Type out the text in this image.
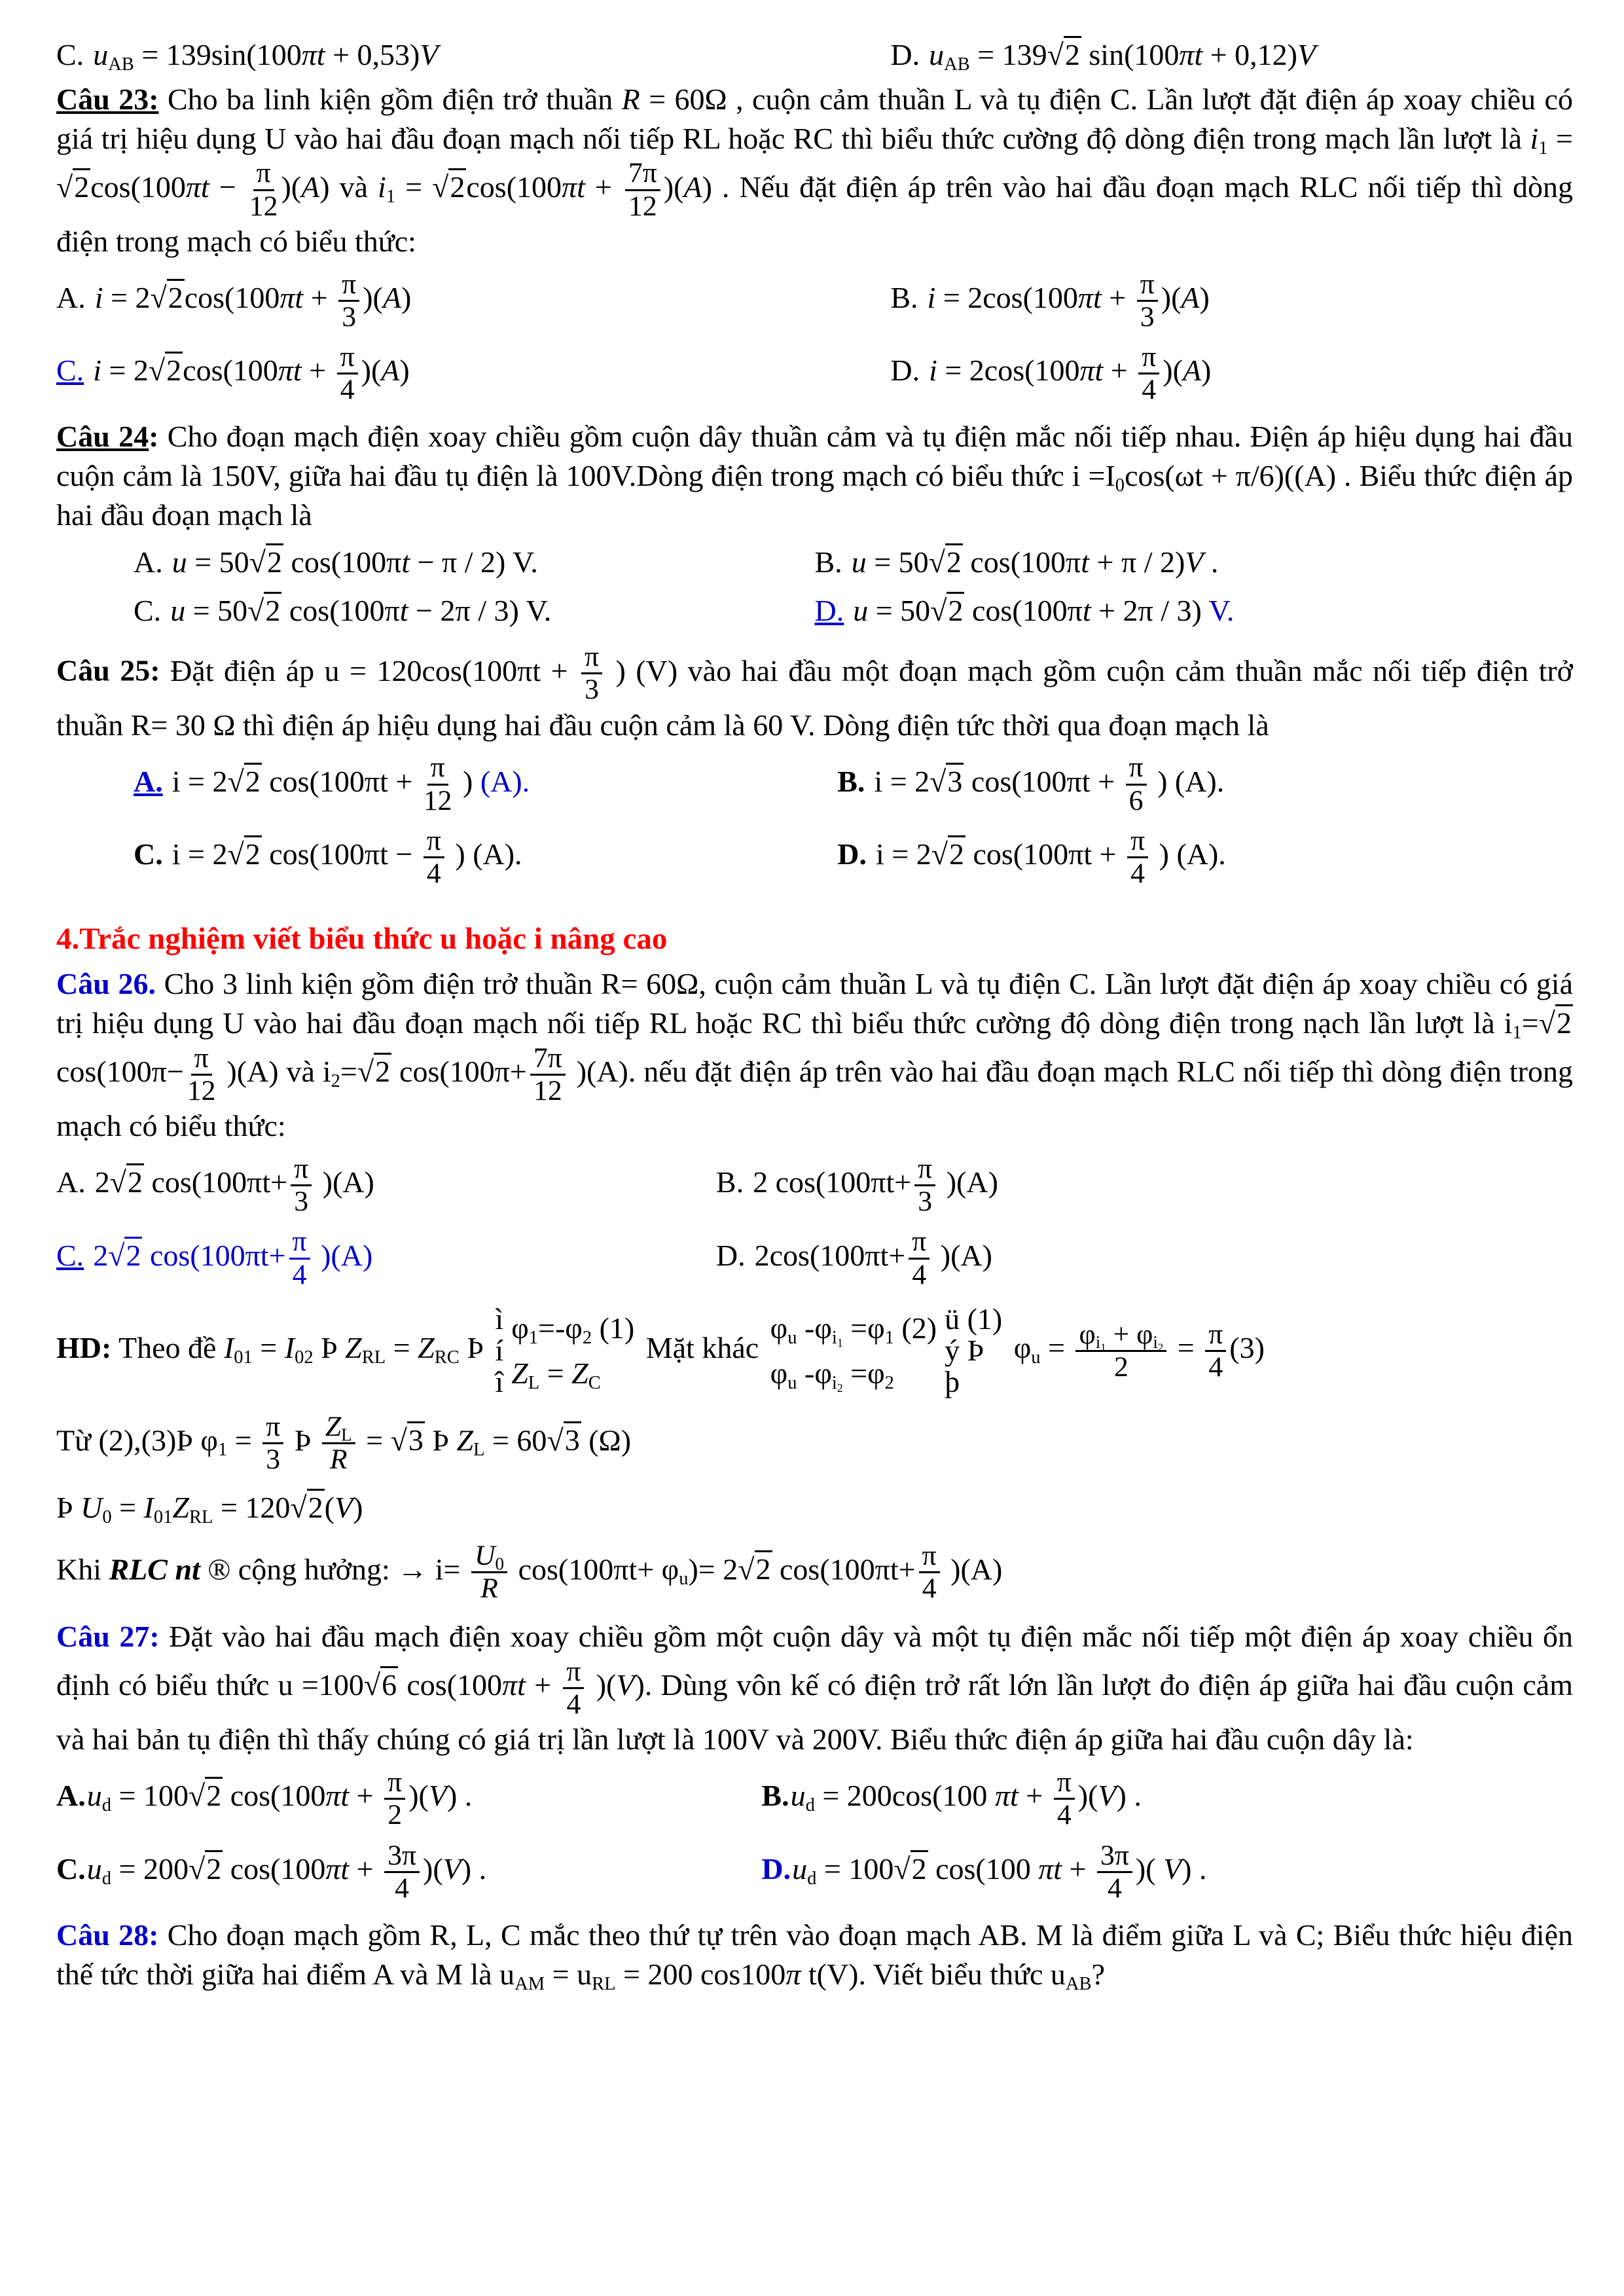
C. $u_{AB} = 139\sin(100\pi t + 0,53)V$	D. $u_{AB} = 139√2$ sin(100πt + 0,12)V

Câu 23: Cho ba linh kiện gồm điện trở thuần R = 60Ω , cuộn cảm thuần L và tụ điện C. Lần lượt đặt điện áp xoay chiều có giá trị hiệu dụng U vào hai đầu đoạn mạch nối tiếp RL hoặc RC thì biểu thức cường độ dòng điện trong mạch lần lượt là $i_1 = √2\cos(100\pi t - \frac{\pi}{12} )(A)$ và $i_1 = √2\cos(100\pi t + \frac{7\pi}{12} )(A)$ . Nếu đặt điện áp trên vào hai đầu đoạn mạch RLC nối tiếp thì dòng điện trong mạch có biểu thức:

A. $i = 2√2\cos(100\pi t + \frac{\pi}{3} )(A)$	B. $i = 2\cos(100\pi t + \frac{\pi}{3} )(A)$
C. $i = 2√2\cos(100\pi t + \frac{\pi}{4} )(A)$	D. $i = 2\cos(100\pi t + \frac{\pi}{4} )(A)$

Câu 24: Cho đoạn mạch điện xoay chiều gồm cuộn dây thuần cảm và tụ điện mắc nối tiếp nhau. Điện áp hiệu dụng hai đầu cuộn cảm là 150V, giữa hai đầu tụ điện là 100V.Dòng điện trong mạch có biểu thức $i =I_0\cos(\omega t + \pi/6)((A)$ . Biểu thức điện áp hai đầu đoạn mạch là

A. u = 50√2 cos(100πt − π / 2) V.	B. u = 50√2 cos(100πt + π / 2)V .
C. u = 50√2 cos(100πt − 2π / 3) V.	D. u = 50√2 cos(100πt + 2π / 3) V.

Câu 25: Đặt điện áp $u = 120\cos(100\pi t + \frac{\pi}{3}$ ) (V) vào hai đầu một đoạn mạch gồm cuộn cảm thuần mắc nối tiếp điện trở thuần R= 30 Ω thì điện áp hiệu dụng hai đầu cuộn cảm là 60 V. Dòng điện tức thời qua đoạn mạch là

A. i = 2√2 $\cos(100\pi t + \frac{\pi}{12}$ ) (A).	B. i = 2√3 $\cos(100\pi t + \frac{\pi}{6}$ ) (A).
C. i = 2√2 $\cos(100\pi t - \frac{\pi}{4}$ ) (A).	D. i = 2√2 $\cos(100\pi t + \frac{\pi}{4}$ ) (A).

4.Trắc nghiệm viết biểu thức u hoặc i nâng cao

Câu 26. Cho 3 linh kiện gồm điện trở thuần R= 60Ω, cuộn cảm thuần L và tụ điện C. Lần lượt đặt điện áp xoay chiều có giá trị hiệu dụng U vào hai đầu đoạn mạch nối tiếp RL hoặc RC thì biểu thức cường độ dòng điện trong nạch lần lượt là $i_1=√2$ $\cos(100\pi- \frac{\pi}{12} )(A)$ và $i_2=√2$ $\cos(100\pi+ \frac{7\pi}{12} )(A)$. nếu đặt điện áp trên vào hai đầu đoạn mạch RLC nối tiếp thì dòng điện trong mạch có biểu thức:

A. 2√2 $\cos(100\pi t+ \frac{\pi}{3} )(A)$	B. 2 $\cos(100\pi t+ \frac{\pi}{3} )(A)$
C. 2√2 $\cos(100\pi t+ \frac{\pi}{4} )(A)$	D. $2\cos(100\pi t+ \frac{\pi}{4} )(A)$

HD: Theo đề $I_{01} = I_{02}$ Þ $Z_{RL} = Z_{RC}$ Þ
ì
í
î
$\varphi_1=-\varphi_2$ (1)
$Z_L = Z_C$
Mặt khác
$\varphi_u$ $-\varphi_{i_1} =\varphi_1$ (2)
$\varphi_u$ $-\varphi_{i_2} =\varphi_2$
ü (1)
ý Þ
þ
$\varphi_u = \frac{\varphi_{i_1} + \varphi_{i_2}}{2} = \frac{\pi}{4} (3)$

Từ (2),(3)Þ $\varphi_1 = \frac{\pi}{3}$ Þ $\frac{Z_L}{R} = √3$ Þ $Z_L = 60√3$ (Ω)

Þ $U_0 = I_{01}Z_{RL} = 120√2(V)$

Khi RLC nt ® cộng hưởng: → $i= \frac{U_0}{R} \cos(100\pi t+ \varphi_u)= 2√2$ $\cos(100\pi t+ \frac{\pi}{4} )(A)$

Câu 27: Đặt vào hai đầu mạch điện xoay chiều gồm một cuộn dây và một tụ điện mắc nối tiếp một điện áp xoay chiều ổn định có biểu thức u =100√6 $\cos(100\pi t + \frac{\pi}{4} )(V)$. Dùng vôn kế có điện trở rất lớn lần lượt đo điện áp giữa hai đầu cuộn cảm và hai bản tụ điện thì thấy chúng có giá trị lần lượt là 100V và 200V. Biểu thức điện áp giữa hai đầu cuộn dây là:

$A.u_d = 100√2$ $\cos(100\pi t + \frac{\pi}{2} )(V)$ .	$B.u_d = 200\cos(100$ $\pi t + \frac{\pi}{4} )(V)$ .
$C.u_d = 200√2$ $\cos(100\pi t + \frac{3\pi}{4} )(V)$ .	$D.u_d = 100√2$ cos(100 $\pi t + \frac{3\pi}{4}$ )( V) .

Câu 28: Cho đoạn mạch gồm R, L, C mắc theo thứ tự trên vào đoạn mạch AB. M là điểm giữa L và C; Biểu thức hiệu điện thế tức thời giữa hai điểm A và M là $u_{AM} = u_{RL} = 200$ cos100π t(V). Viết biểu thức $u_{AB}$?
